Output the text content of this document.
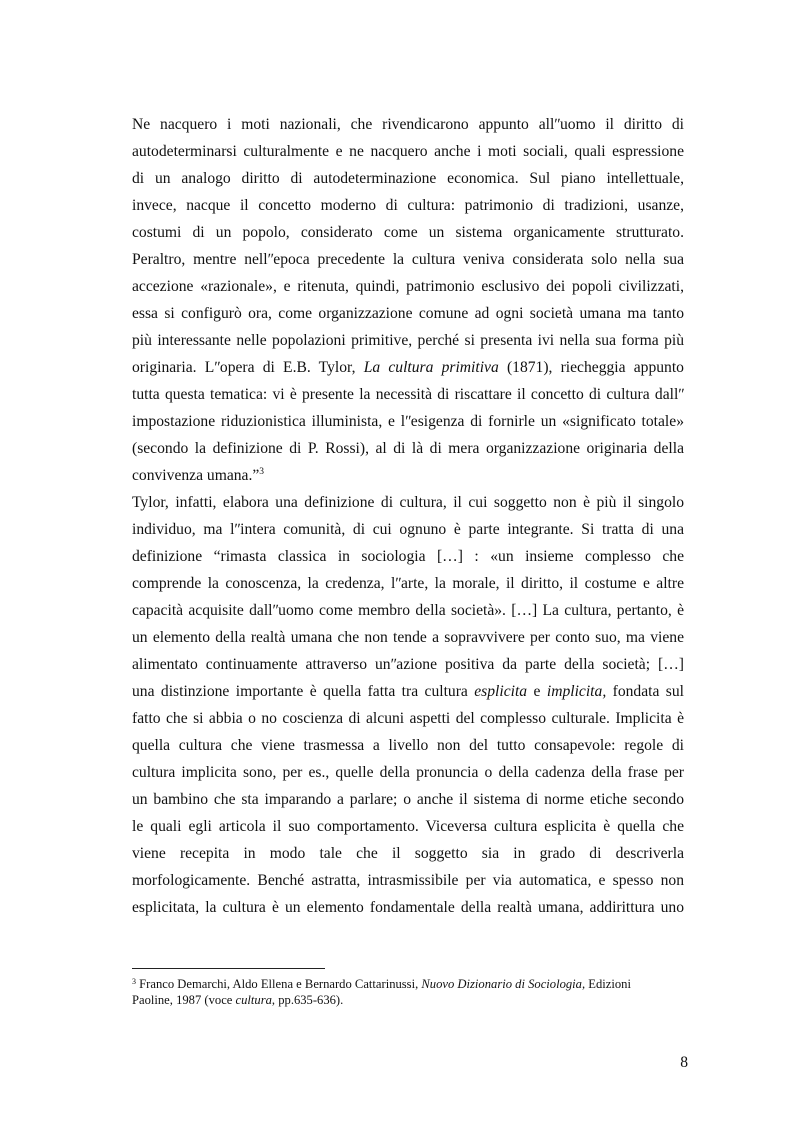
Ne nacquero i moti nazionali, che rivendicarono appunto allʺuomo il diritto di
autodeterminarsi culturalmente e ne nacquero anche i moti sociali, quali espressione
di un analogo diritto di autodeterminazione economica. Sul piano intellettuale,
invece, nacque il concetto moderno di cultura: patrimonio di tradizioni, usanze,
costumi di un popolo, considerato come un sistema organicamente strutturato.
Peraltro, mentre nellʺepoca precedente la cultura veniva considerata solo nella sua
accezione «razionale», e ritenuta, quindi, patrimonio esclusivo dei popoli civilizzati,
essa si configurò ora, come organizzazione comune ad ogni società umana ma tanto
più interessante nelle popolazioni primitive, perché si presenta ivi nella sua forma più
originaria. Lʺopera di E.B. Tylor, La cultura primitiva (1871), riecheggia appunto
tutta questa tematica: vi è presente la necessità di riscattare il concetto di cultura dallʺ
impostazione riduzionistica illuminista, e lʺesigenza di fornirle un «significato totale»
(secondo la definizione di P. Rossi), al di là di mera organizzazione originaria della
convivenza umana.”$^3$
Tylor, infatti, elabora una definizione di cultura, il cui soggetto non è più il singolo
individuo, ma lʺintera comunità, di cui ognuno è parte integrante. Si tratta di una
definizione “rimasta classica in sociologia […] : «un insieme complesso che
comprende la conoscenza, la credenza, lʺarte, la morale, il diritto, il costume e altre
capacità acquisite dallʺuomo come membro della società». […] La cultura, pertanto, è
un elemento della realtà umana che non tende a sopravvivere per conto suo, ma viene
alimentato continuamente attraverso unʺazione positiva da parte della società; […]
una distinzione importante è quella fatta tra cultura esplicita e implicita, fondata sul
fatto che si abbia o no coscienza di alcuni aspetti del complesso culturale. Implicita è
quella cultura che viene trasmessa a livello non del tutto consapevole: regole di
cultura implicita sono, per es., quelle della pronuncia o della cadenza della frase per
un bambino che sta imparando a parlare; o anche il sistema di norme etiche secondo
le quali egli articola il suo comportamento. Viceversa cultura esplicita è quella che
viene recepita in modo tale che il soggetto sia in grado di descriverla
morfologicamente. Benché astratta, intrasmissibile per via automatica, e spesso non
esplicitata, la cultura è un elemento fondamentale della realtà umana, addirittura uno
$^3$ Franco Demarchi, Aldo Ellena e Bernardo Cattarinussi, Nuovo Dizionario di Sociologia, Edizioni
Paoline, 1987 (voce cultura, pp.635-636).
8
